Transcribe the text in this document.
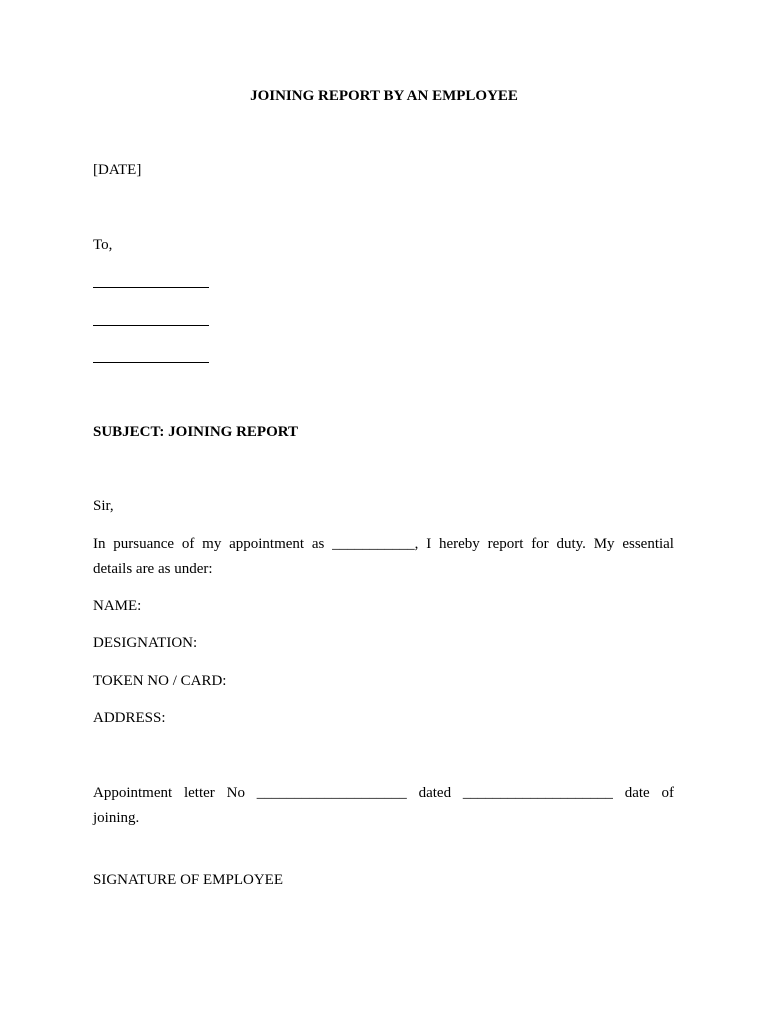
JOINING REPORT BY AN EMPLOYEE
[DATE]
To,
SUBJECT: JOINING REPORT
Sir,
In pursuance of my appointment as ___________, I hereby report for duty. My essential
details are as under:
NAME:
DESIGNATION:
TOKEN NO / CARD:
ADDRESS:
Appointment letter No ____________________ dated ____________________ date of
joining.
SIGNATURE OF EMPLOYEE
